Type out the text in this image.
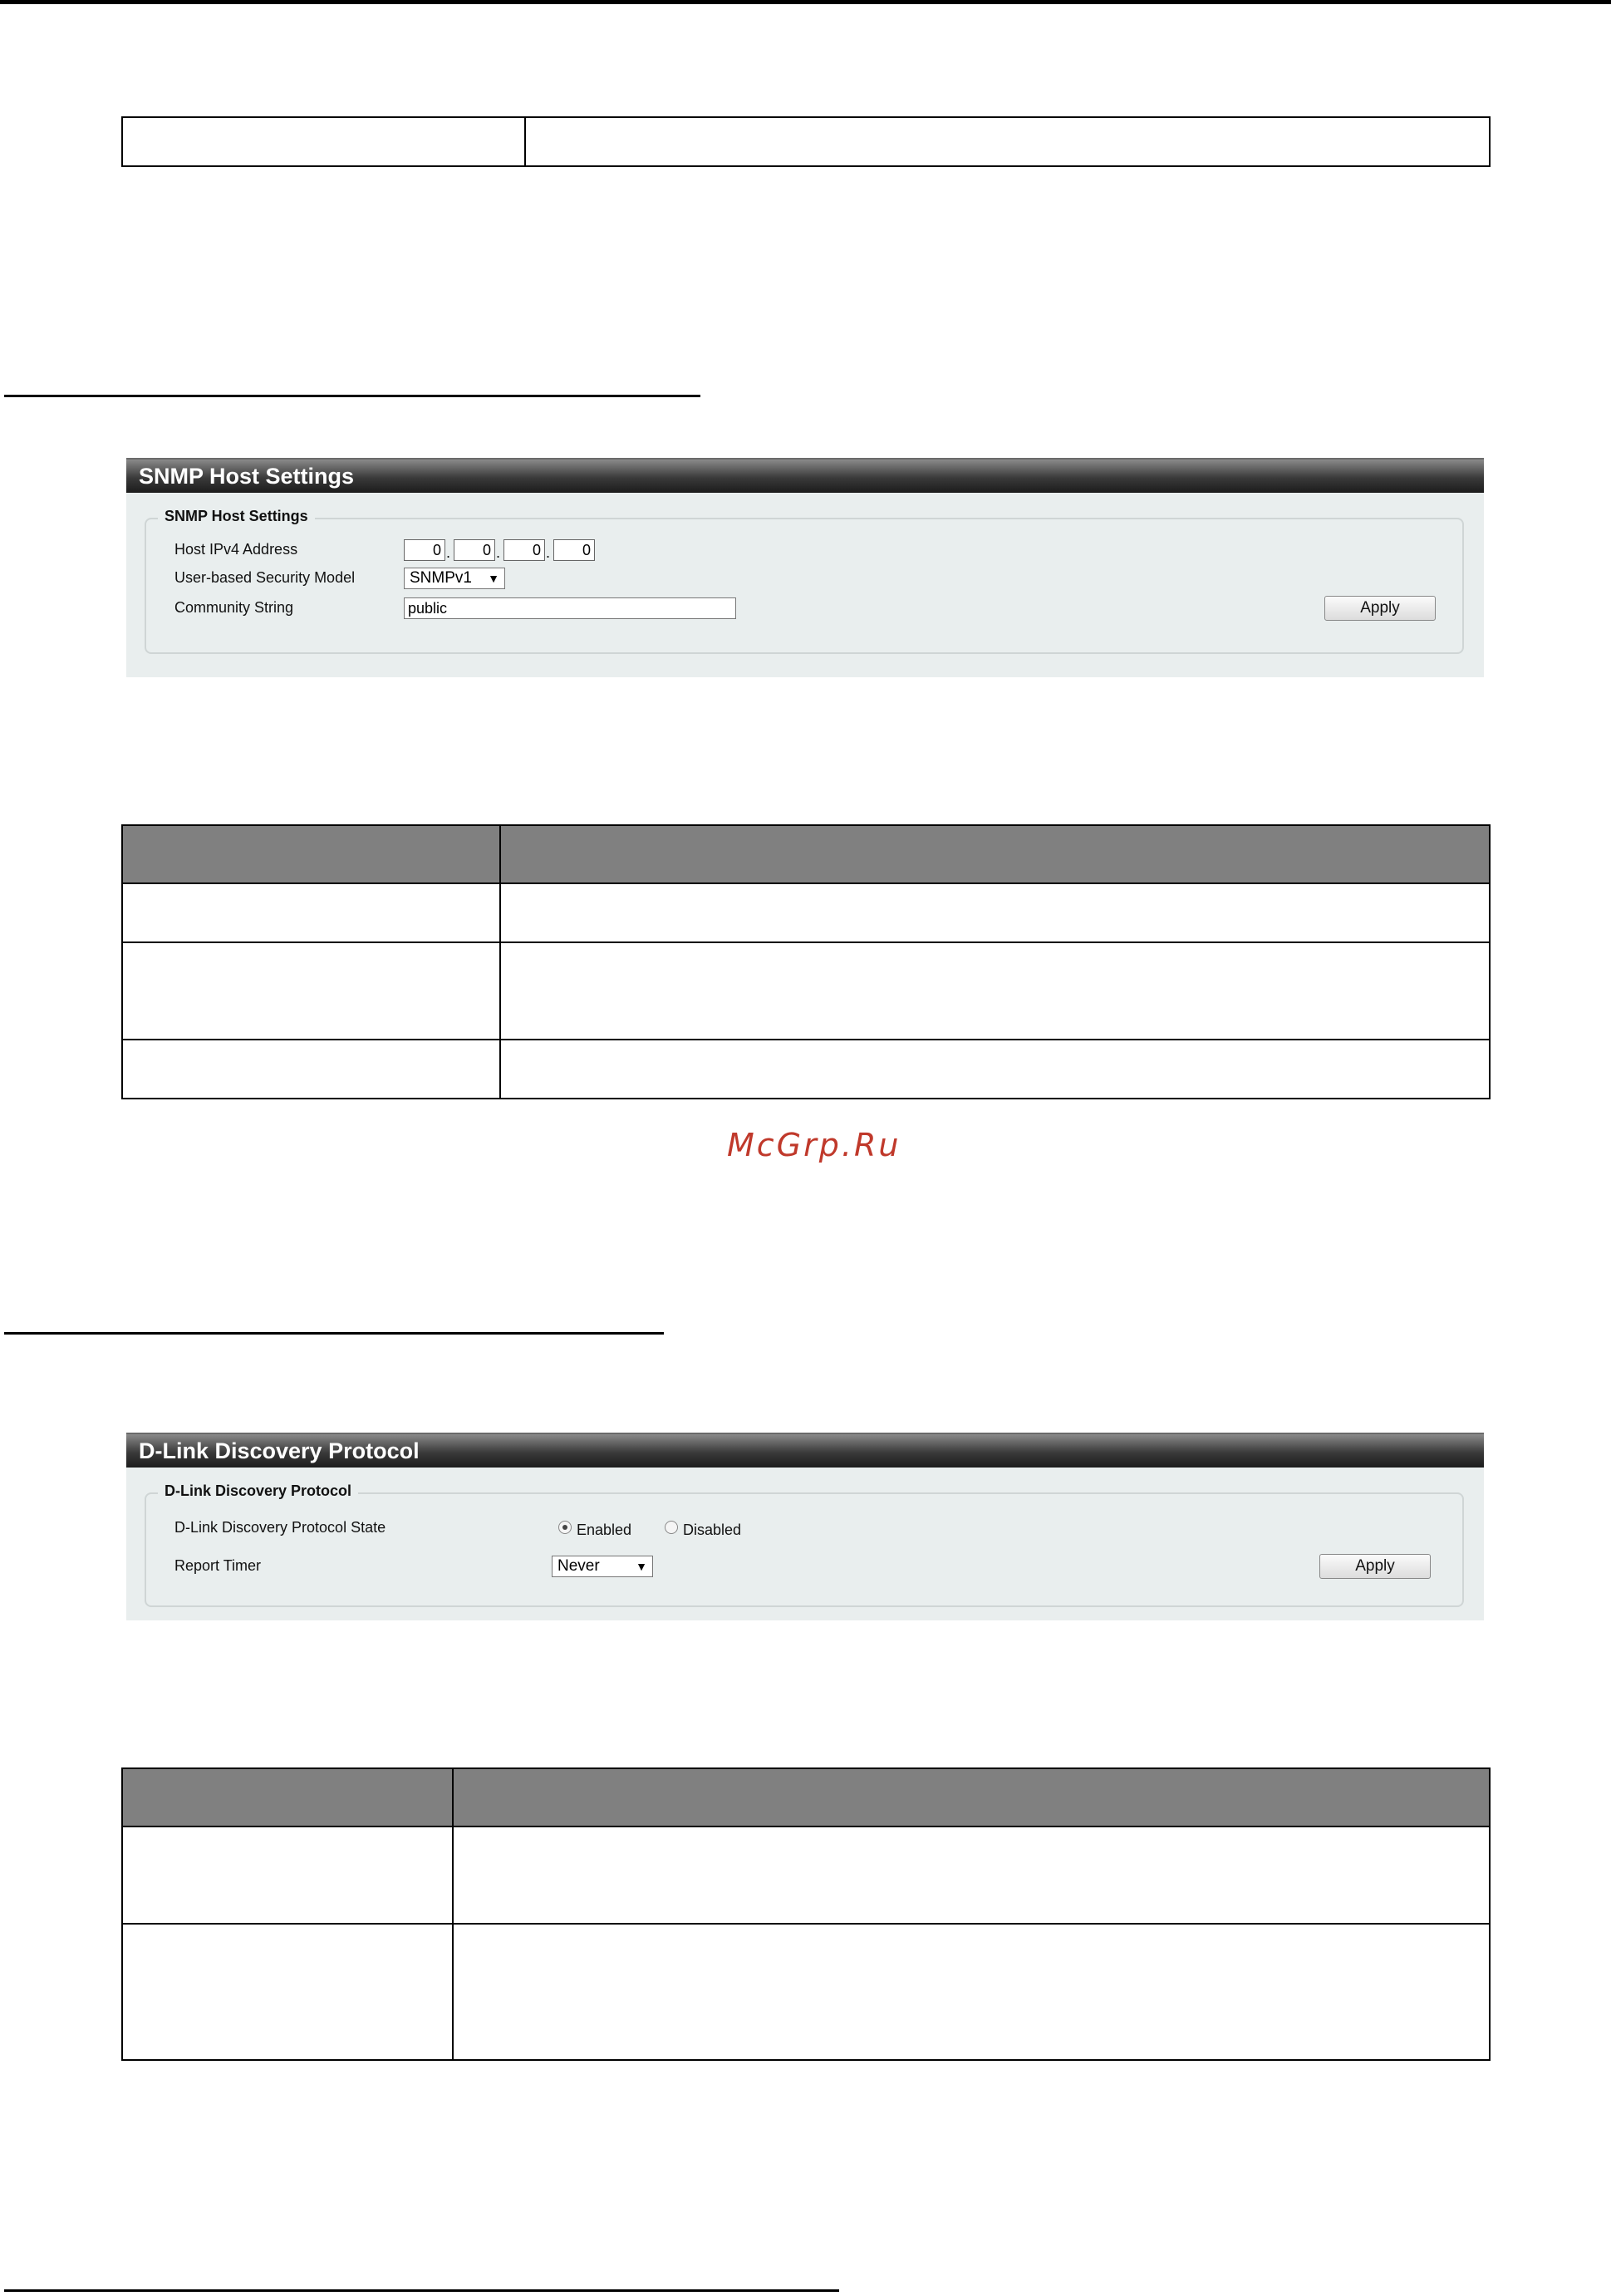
SNMP Host Settings
SNMP Host Settings
Host IPv4 Address	0 .	0 .	0 .	0
User-based Security Model	SNMPv1 ▼
Community String	public	Apply

McGrp.Ru
D-Link Discovery Protocol
D-Link Discovery Protocol
D-Link Discovery Protocol State	Enabled	Disabled
Report Timer	Never	▼	Apply
